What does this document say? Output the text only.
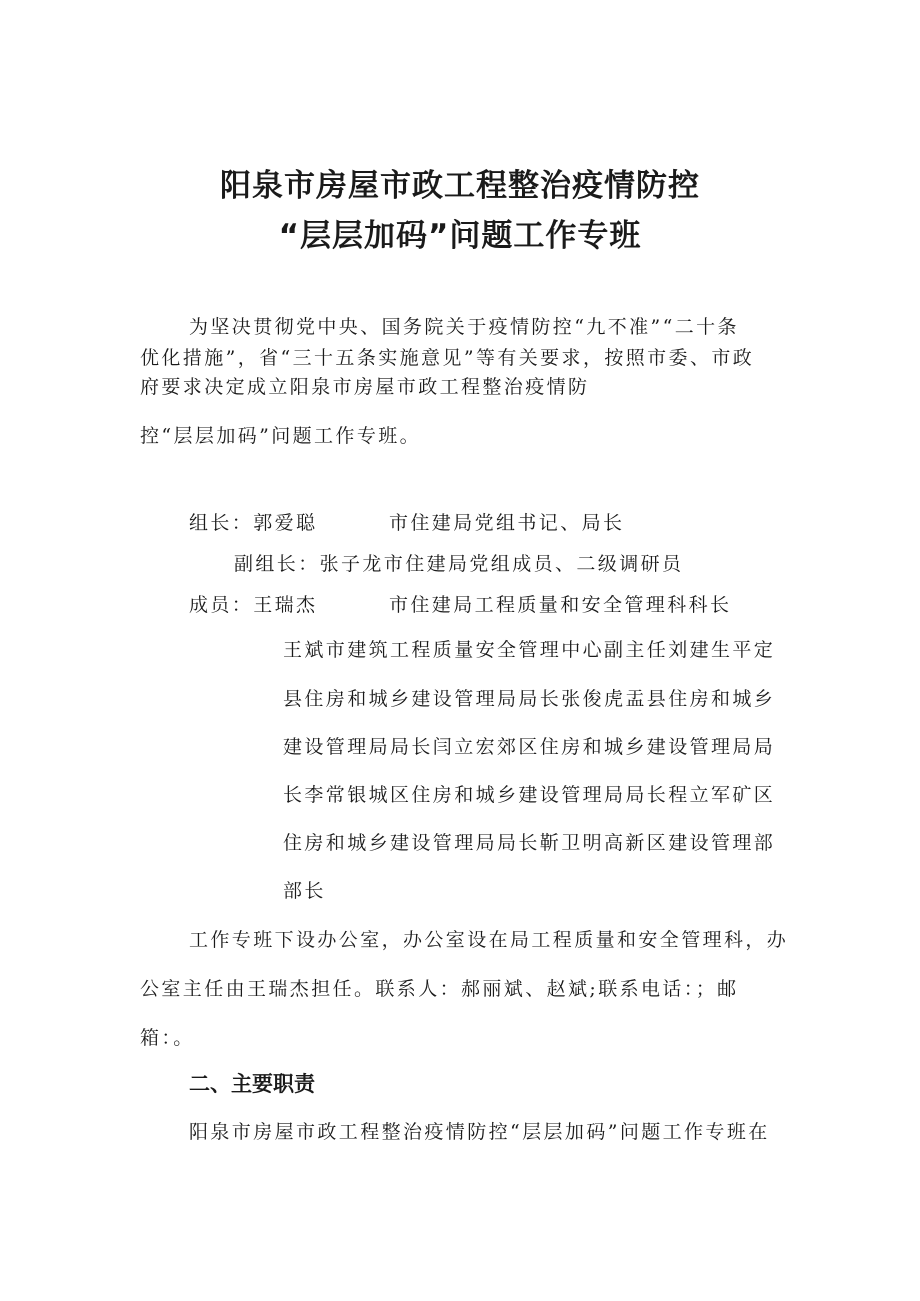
阳泉市房屋市政工程整治疫情防控
“层层加码”问题工作专班

为坚决贯彻党中央、国务院关于疫情防控“九不准”“二十条

优化措施”，省“三十五条实施意见”等有关要求，按照市委、市政

府要求决定成立阳泉市房屋市政工程整治疫情防

控“层层加码”问题工作专班。

组长：郭爱聪	市住建局党组书记、局长

副组长：张子龙市住建局党组成员、二级调研员

成员：王瑞杰	市住建局工程质量和安全管理科科长

王斌市建筑工程质量安全管理中心副主任刘建生平定

县住房和城乡建设管理局局长张俊虎盂县住房和城乡

建设管理局局长闫立宏郊区住房和城乡建设管理局局

长李常银城区住房和城乡建设管理局局长程立军矿区

住房和城乡建设管理局局长靳卫明高新区建设管理部

部长

工作专班下设办公室，办公室设在局工程质量和安全管理科，办

公室主任由王瑞杰担任。联系人：郝丽斌、赵斌;联系电话：；邮

箱：。

二、主要职责

阳泉市房屋市政工程整治疫情防控“层层加码”问题工作专班在
